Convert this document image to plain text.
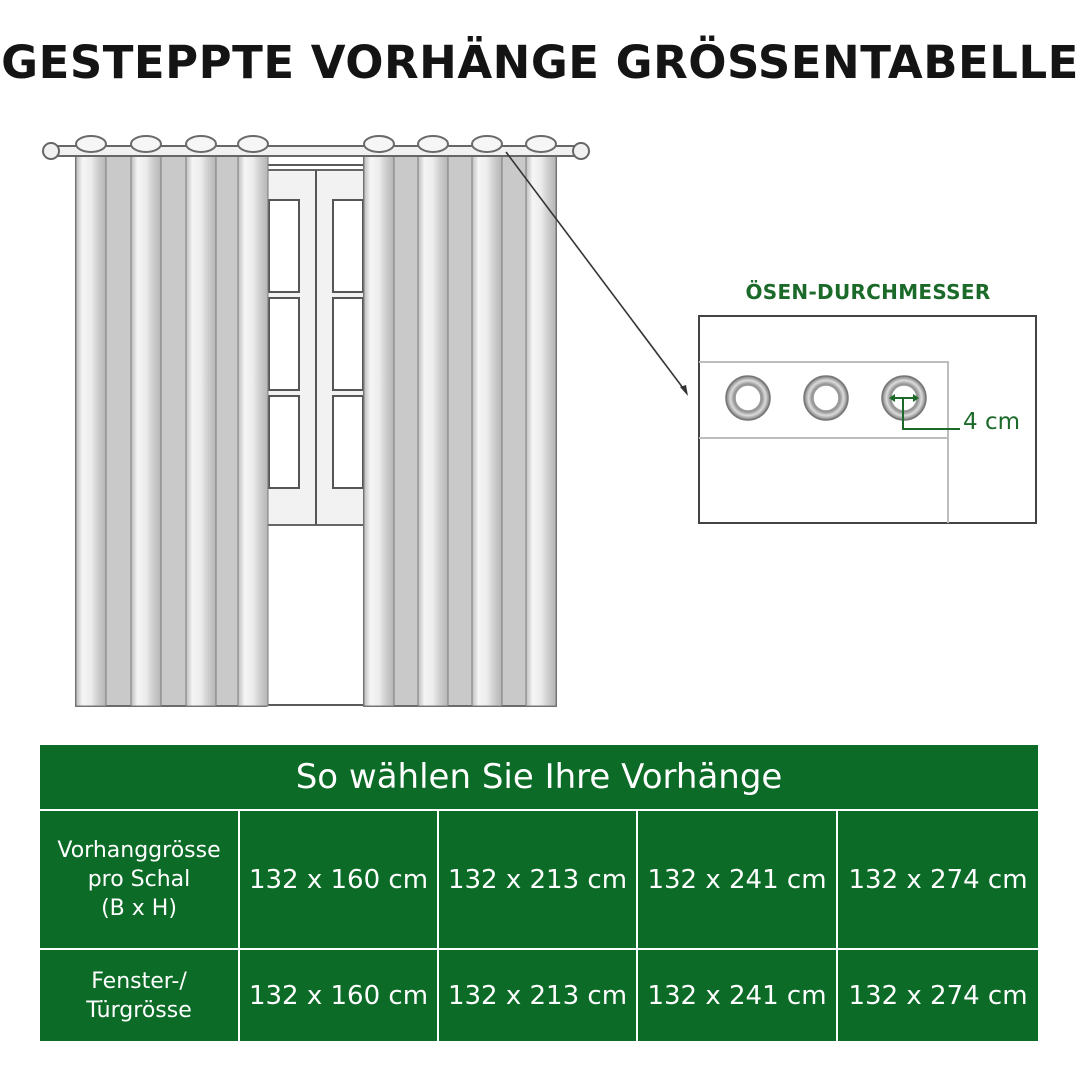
GESTEPPTE VORHÄNGE GRÖSSENTABELLE
ÖSEN-DURCHMESSER
4 cm
So wählen Sie Ihre Vorhänge				

Vorhanggrösse
pro Schal
(B x H)	132 x 160 cm	132 x 213 cm	132 x 241 cm	132 x 274 cm

Fenster-/
Türgrösse	132 x 160 cm	132 x 213 cm	132 x 241 cm	132 x 274 cm
